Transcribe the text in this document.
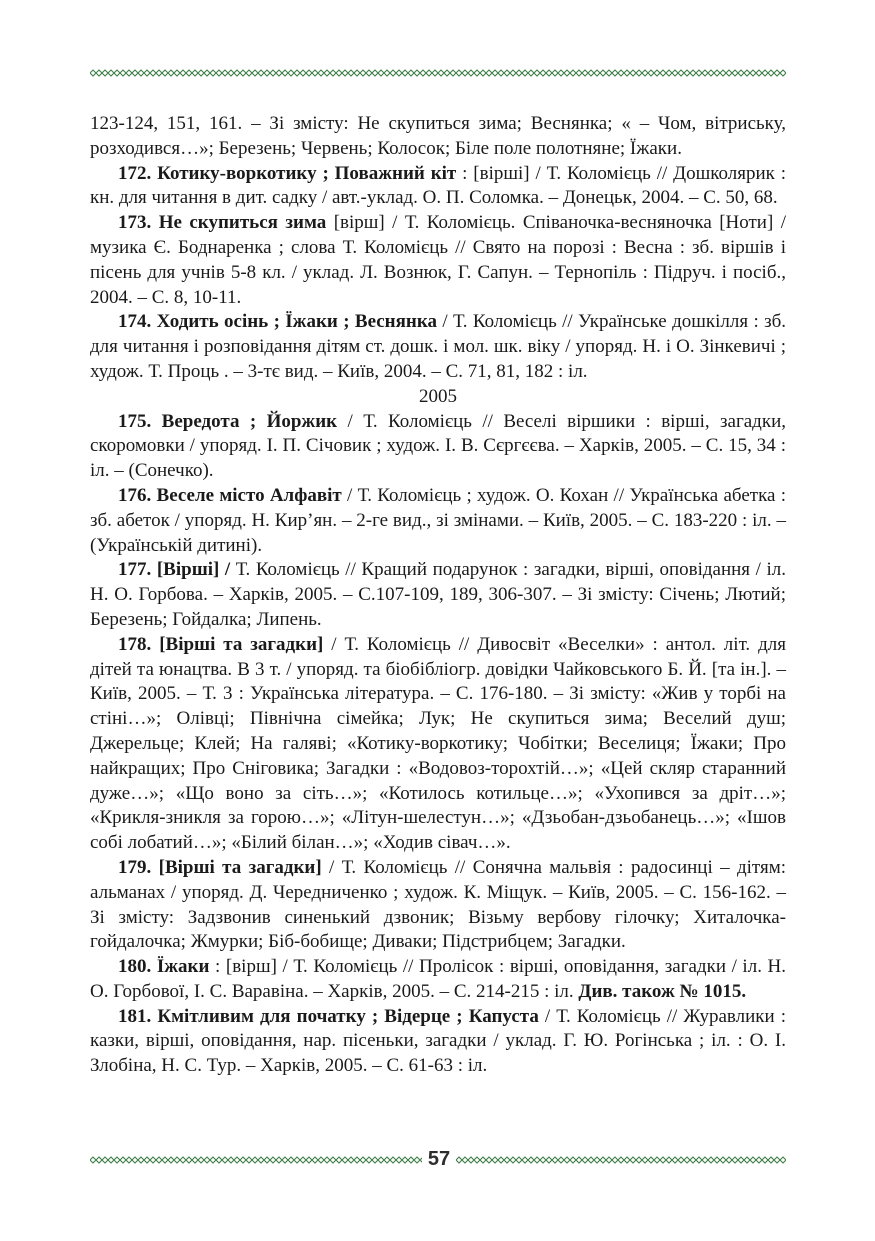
123-124, 151, 161. – Зі змісту: Не скупиться зима; Веснянка; « – Чом, вітриську, розходився…»; Березень; Червень; Колосок; Біле поле полотняне; Їжаки.

172. Котику-воркотику ; Поважний кіт : [вірші] / Т. Коломієць // Дошколярик : кн. для читання в дит. садку / авт.-уклад. О. П. Соломка. – Донецьк, 2004. – С. 50, 68.

173. Не скупиться зима [вірш] / Т. Коломієць. Співаночка-весняночка [Ноти] / музика Є. Боднаренка ; слова Т. Коломієць // Свято на порозі : Весна : зб. віршів і пісень для учнів 5-8 кл. / уклад. Л. Вознюк, Г. Сапун. – Тернопіль : Підруч. і посіб., 2004. – С. 8, 10-11.

174. Ходить осінь ; Їжаки ; Веснянка / Т. Коломієць // Українське дошкілля : зб. для читання і розповідання дітям ст. дошк. і мол. шк. віку / упоряд. Н. і О. Зінкевичі ; худож. Т. Проць . – 3-тє вид. – Київ, 2004. – С. 71, 81, 182 : іл.

2005

175. Вередота ; Йоржик / Т. Коломієць // Веселі віршики : вірші, загадки, скоромовки / упоряд. І. П. Січовик ; худож. І. В. Сєргєєва. – Харків, 2005. – С. 15, 34 : іл. – (Сонечко).

176. Веселе місто Алфавіт / Т. Коломієць ; худож. О. Кохан // Українська абетка : зб. абеток / упоряд. Н. Кир’ян. – 2-ге вид., зі змінами. – Київ, 2005. – С. 183-220 : іл. – (Українській дитині).

177. [Вірші] / Т. Коломієць // Кращий подарунок : загадки, вірші, оповідання / іл. Н. О. Горбова. – Харків, 2005. – С.107-109, 189, 306-307. – Зі змісту: Січень; Лютий; Березень; Гойдалка; Липень.

178. [Вірші та загадки] / Т. Коломієць // Дивосвіт «Веселки» : антол. літ. для дітей та юнацтва. В 3 т. / упоряд. та біобібліогр. довідки Чайковського Б. Й. [та ін.]. – Київ, 2005. – Т. 3 : Українська література. – С. 176-180. – Зі змісту: «Жив у торбі на стіні…»; Олівці; Північна сімейка; Лук; Не скупиться зима; Веселий душ; Джерельце; Клей; На галяві; «Котику-воркотику; Чобітки; Веселиця; Їжаки; Про найкращих; Про Сніговика; Загадки : «Водовоз-торохтій…»; «Цей скляр старанний дуже…»; «Що воно за сіть…»; «Котилось котильце…»; «Ухопився за дріт…»; «Крикля-зникля за горою…»; «Літун-шелестун…»; «Дзьобан-дзьобанець…»; «Ішов собі лобатий…»; «Білий білан…»; «Ходив сівач…».

179. [Вірші та загадки] / Т. Коломієць // Сонячна мальвія : радосинці – дітям: альманах / упоряд. Д. Чередниченко ; худож. К. Міщук. – Київ, 2005. – С. 156-162. – Зі змісту: Задзвонив синенький дзвоник; Візьму вербову гілочку; Хиталочка-гойдалочка; Жмурки; Біб-бобище; Диваки; Підстрибцем; Загадки.

180. Їжаки : [вірш] / Т. Коломієць // Пролісок : вірші, оповідання, загадки / іл. Н. О. Горбової, І. С. Варавіна. – Харків, 2005. – С. 214-215 : іл. Див. також № 1015.

181. Кмітливим для початку ; Відерце ; Капуста / Т. Коломієць // Журавлики : казки, вірші, оповідання, нар. пісеньки, загадки / уклад. Г. Ю. Рогінська ; іл. : О. І. Злобіна, Н. С. Тур. – Харків, 2005. – С. 61-63 : іл.

57
